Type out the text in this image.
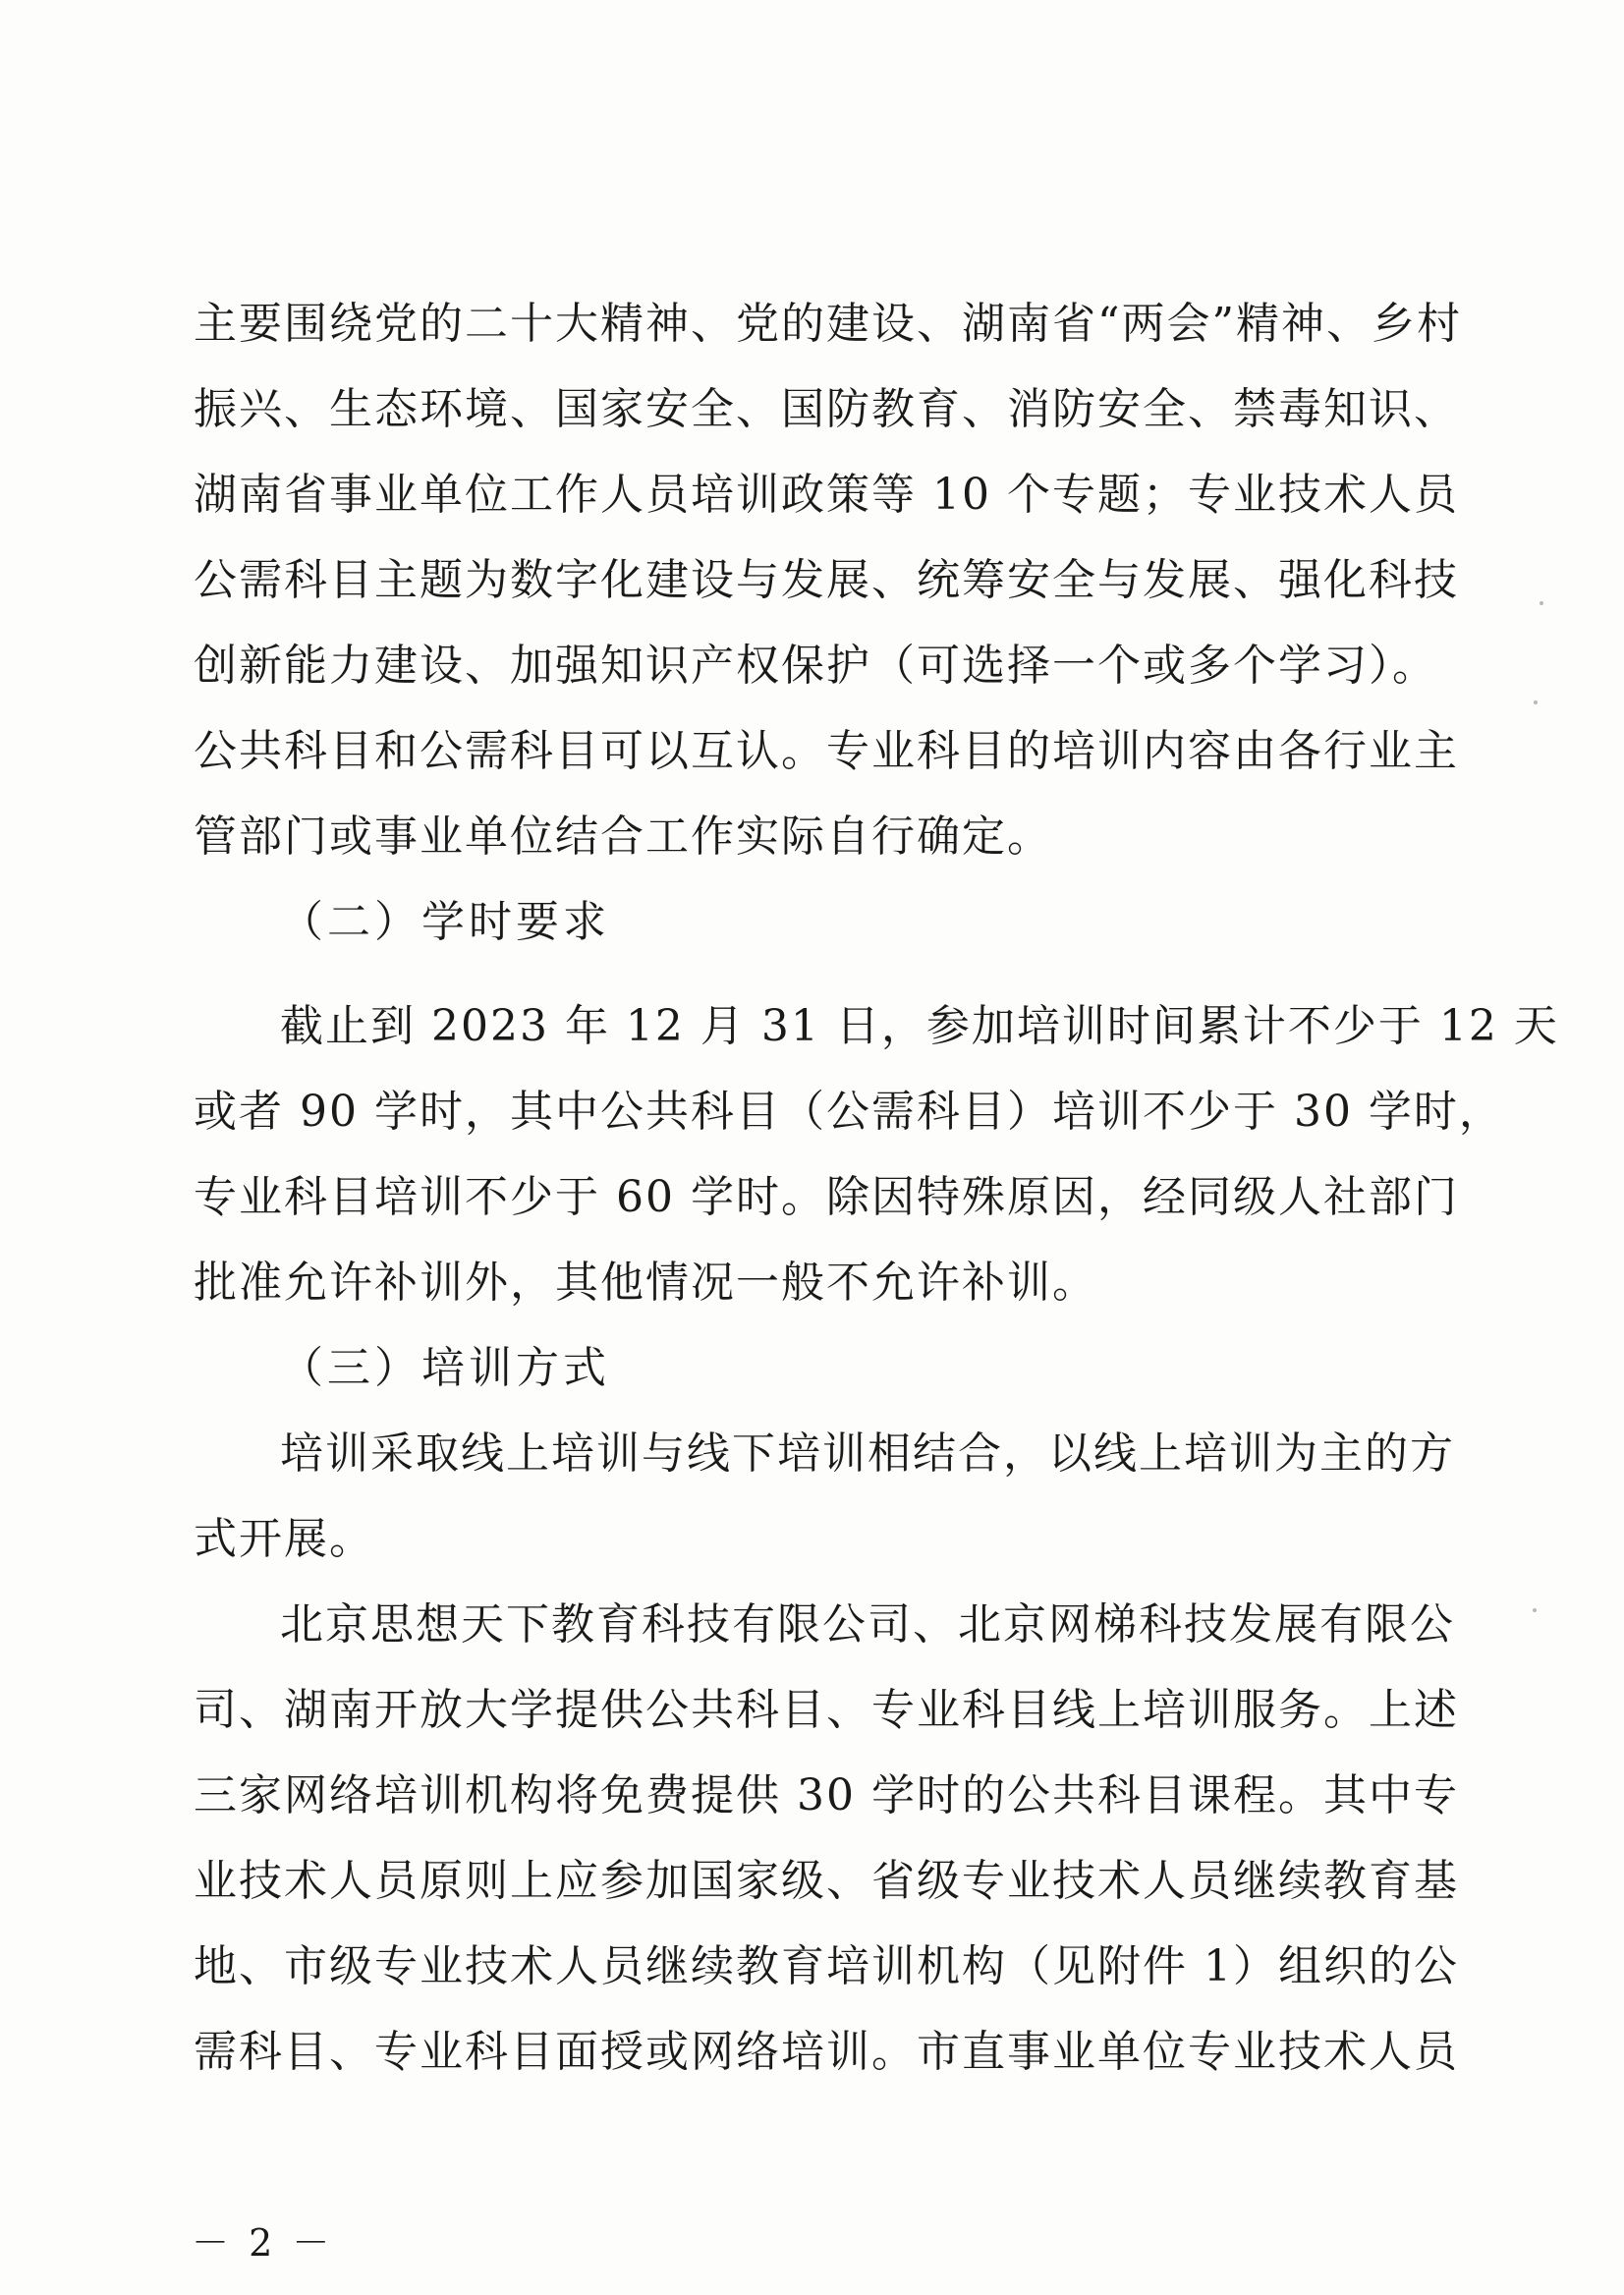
主要围绕党的二十大精神、党的建设、湖南省“两会”精神、乡村
振兴、生态环境、国家安全、国防教育、消防安全、禁毒知识、
湖南省事业单位工作人员培训政策等 10 个专题；专业技术人员
公需科目主题为数字化建设与发展、统筹安全与发展、强化科技
创新能力建设、加强知识产权保护（可选择一个或多个学习）。
公共科目和公需科目可以互认。专业科目的培训内容由各行业主
管部门或事业单位结合工作实际自行确定。
（二）学时要求
截止到 2023 年 12 月 31 日，参加培训时间累计不少于 12 天
或者 90 学时，其中公共科目（公需科目）培训不少于 30 学时，
专业科目培训不少于 60 学时。除因特殊原因，经同级人社部门
批准允许补训外，其他情况一般不允许补训。
（三）培训方式
培训采取线上培训与线下培训相结合，以线上培训为主的方
式开展。
北京思想天下教育科技有限公司、北京网梯科技发展有限公
司、湖南开放大学提供公共科目、专业科目线上培训服务。上述
三家网络培训机构将免费提供 30 学时的公共科目课程。其中专
业技术人员原则上应参加国家级、省级专业技术人员继续教育基
地、市级专业技术人员继续教育培训机构（见附件 1）组织的公
需科目、专业科目面授或网络培训。市直事业单位专业技术人员
－ 2 －
